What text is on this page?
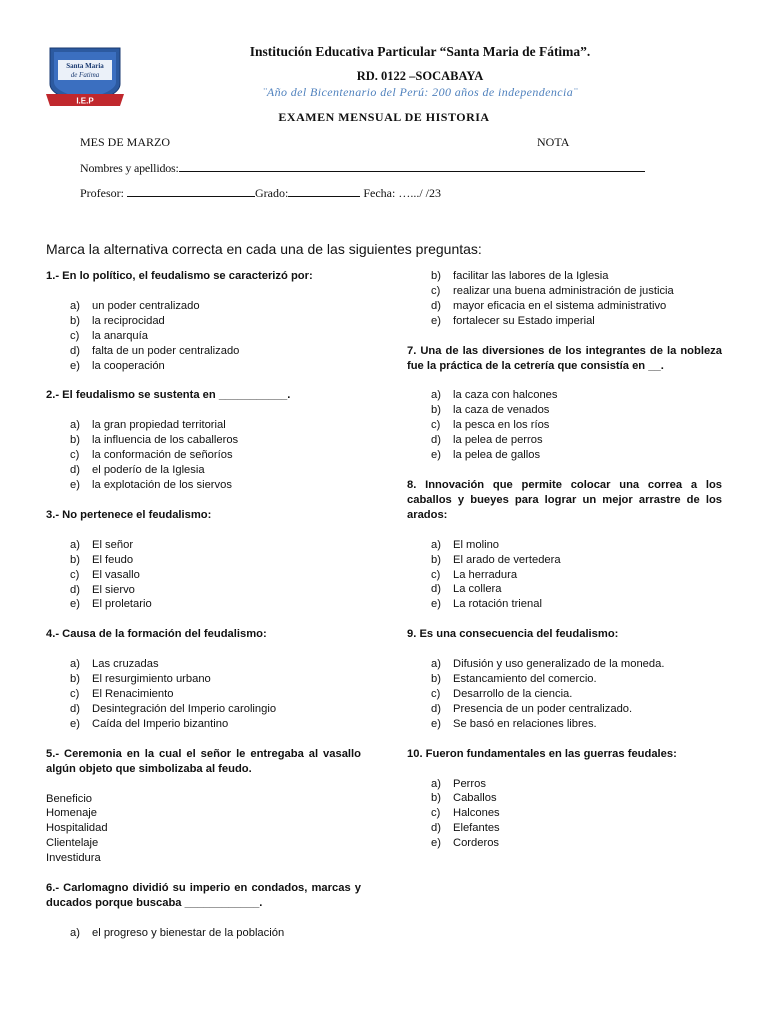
Santa Maria
de Fatima
I.E.P
Institución Educativa Particular “Santa Maria de Fátima”.
RD. 0122 –SOCABAYA
¨Año del Bicentenario del Perú: 200 años de independencia¨
EXAMEN MENSUAL DE HISTORIA
MES DE MARZO	NOTA
Nombres y apellidos:
Profesor:	Grado:	Fecha: ….../ /23
Marca la alternativa correcta en cada una de las siguientes preguntas:
1.- En lo político, el feudalismo se caracterizó por:
a)	un poder centralizado
b)	la reciprocidad
c)	la anarquía
d)	falta de un poder centralizado
e)	la cooperación
2.- El feudalismo se sustenta en ___________.
a)	la gran propiedad territorial
b)	la influencia de los caballeros
c)	la conformación de señoríos
d)	el poderío de la Iglesia
e)	la explotación de los siervos
3.- No pertenece el feudalismo:
a)	El señor
b)	El feudo
c)	El vasallo
d)	El siervo
e)	El proletario
4.- Causa de la formación del feudalismo:
a)	Las cruzadas
b)	El resurgimiento urbano
c)	El Renacimiento
d)	Desintegración del Imperio carolingio
e)	Caída del Imperio bizantino
5.- Ceremonia en la cual el señor le entregaba al vasallo algún objeto que simbolizaba al feudo.
Beneficio
Homenaje
Hospitalidad
Clientelaje
Investidura
6.- Carlomagno dividió su imperio en condados, marcas y ducados porque buscaba ____________.
a)	el progreso y bienestar de la población
b)	facilitar las labores de la Iglesia
c)	realizar una buena administración de justicia
d)	mayor eficacia en el sistema administrativo
e)	fortalecer su Estado imperial
7. Una de las diversiones de los integrantes de la nobleza fue la práctica de la cetrería que consistía en __.
a)	la caza con halcones
b)	la caza de venados
c)	la pesca en los ríos
d)	la pelea de perros
e)	la pelea de gallos
8. Innovación que permite colocar una correa a los caballos y bueyes para lograr un mejor arrastre de los arados:
a)	El molino
b)	El arado de vertedera
c)	La herradura
d)	La collera
e)	La rotación trienal
9. Es una consecuencia del feudalismo:
a)	Difusión y uso generalizado de la moneda.
b)	Estancamiento del comercio.
c)	Desarrollo de la ciencia.
d)	Presencia de un poder centralizado.
e)	Se basó en relaciones libres.
10. Fueron fundamentales en las guerras feudales:
a)	Perros
b)	Caballos
c)	Halcones
d)	Elefantes
e)	Corderos
